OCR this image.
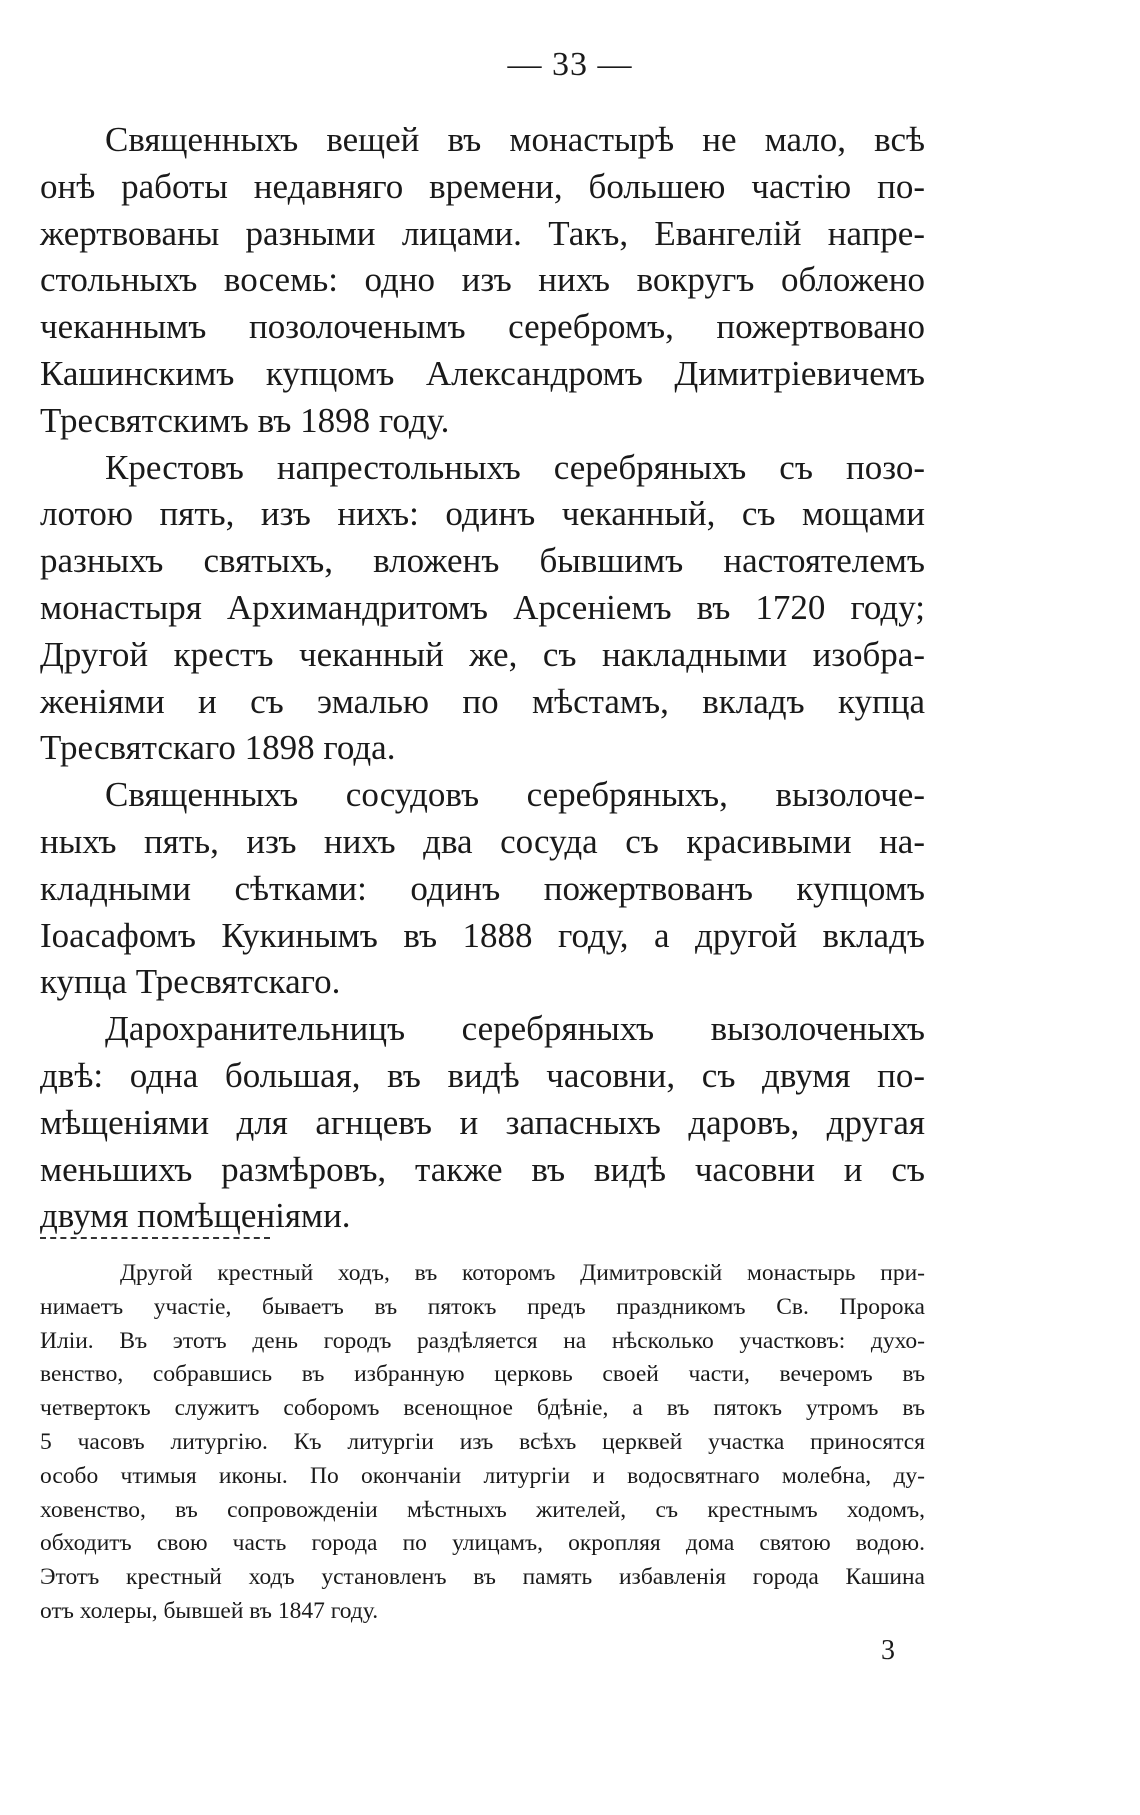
— 33 —
Священныхъ вещей въ монастырѣ не мало, всѣ
онѣ работы недавняго времени, большею частію по-
жертвованы разными лицами. Такъ, Евангелій напре-
стольныхъ восемь: одно изъ нихъ вокругъ обложено
чеканнымъ позолоченымъ серебромъ, пожертвовано
Кашинскимъ купцомъ Александромъ Димитріевичемъ
Тресвятскимъ въ 1898 году.
Крестовъ напрестольныхъ серебряныхъ съ позо-
лотою пять, изъ нихъ: одинъ чеканный, съ мощами
разныхъ святыхъ, вложенъ бывшимъ настоятелемъ
монастыря Архимандритомъ Арсеніемъ въ 1720 году;
Другой крестъ чеканный же, съ накладными изобра-
женіями и съ эмалью по мѣстамъ, вкладъ купца
Тресвятскаго 1898 года.
Священныхъ сосудовъ серебряныхъ, вызолоче-
ныхъ пять, изъ нихъ два сосуда съ красивыми на-
кладными сѣтками: одинъ пожертвованъ купцомъ
Іоасафомъ Кукинымъ въ 1888 году, а другой вкладъ
купца Тресвятскаго.
Дарохранительницъ серебряныхъ вызолоченыхъ
двѣ: одна большая, въ видѣ часовни, съ двумя по-
мѣщеніями для агнцевъ и запасныхъ даровъ, другая
меньшихъ размѣровъ, также въ видѣ часовни и съ
двумя помѣщеніями.
Другой крестный ходъ, въ которомъ Димитровскій монастырь при-
нимаетъ участіе, бываетъ въ пятокъ предъ праздникомъ Св. Пророка
Иліи. Въ этотъ день городъ раздѣляется на нѣсколько участковъ: духо-
венство, собравшись въ избранную церковь своей части, вечеромъ въ
четвертокъ служитъ соборомъ всенощное бдѣніе, а въ пятокъ утромъ въ
5 часовъ литургію. Къ литургіи изъ всѣхъ церквей участка приносятся
особо чтимыя иконы. По окончаніи литургіи и водосвятнаго молебна, ду-
ховенство, въ сопровожденіи мѣстныхъ жителей, съ крестнымъ ходомъ,
обходитъ свою часть города по улицамъ, окропляя дома святою водою.
Этотъ крестный ходъ установленъ въ память избавленія города Кашина
отъ холеры, бывшей въ 1847 году.
3
